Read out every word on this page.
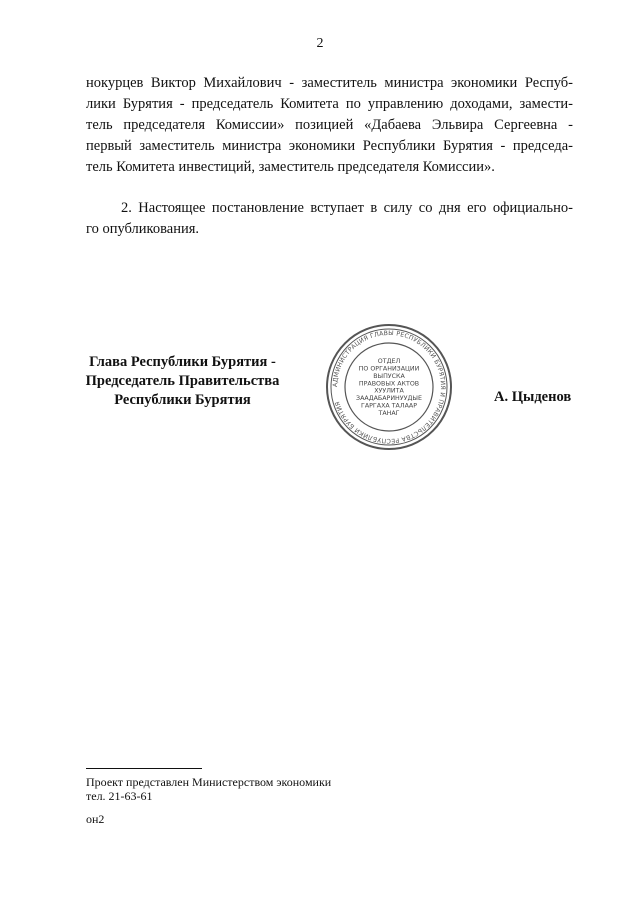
2
нокурцев Виктор Михайлович - заместитель министра экономики Респуб-
лики Бурятия - председатель Комитета по управлению доходами, замести-
тель председателя Комиссии» позицией «Дабаева Эльвира Сергеевна -
первый заместитель министра экономики Республики Бурятия - председа-
тель Комитета инвестиций, заместитель председателя Комиссии».
2. Настоящее постановление вступает в силу со дня его официально-
го опубликования.
Глава Республики Бурятия -
Председатель Правительства
Республики Бурятия
АДМИНИСТРАЦИЯ ГЛАВЫ РЕСПУБЛИКИ БУРЯТИЯ И ПРАВИТЕЛЬСТВА РЕСПУБЛИКИ БУРЯТИЯ
ОТДЕЛ
ПО ОРГАНИЗАЦИИ
ВЫПУСКА
ПРАВОВЫХ АКТОВ
ХУУЛИТА
ЗААДАБАРИНУУДЫЕ
ГАРГАХА ТАЛААР
ТАНАГ
А. Цыденов
Проект представлен Министерством экономики
тел. 21-63-61
он2
